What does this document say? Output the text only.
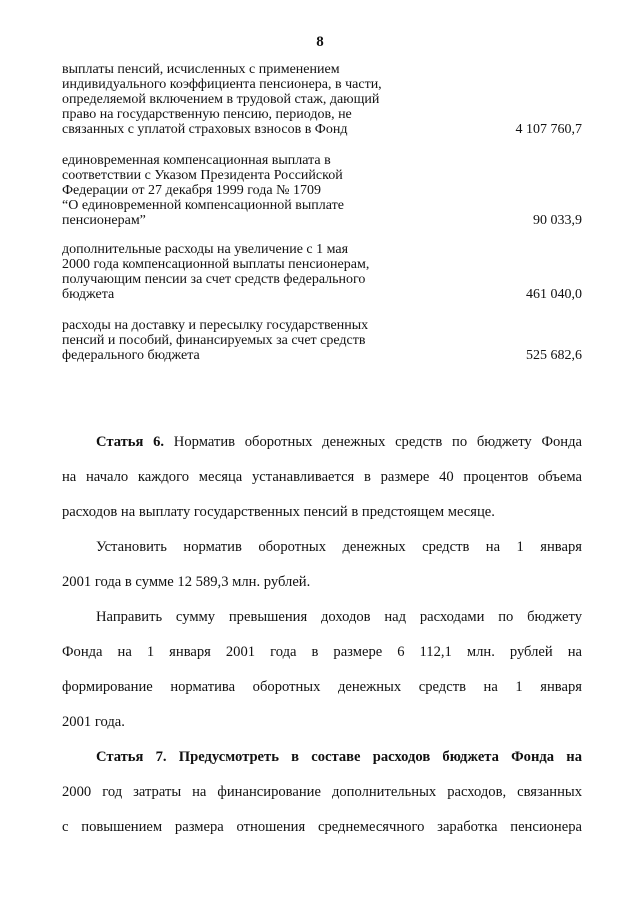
8
выплаты пенсий, исчисленных с применением
индивидуального коэффициента пенсионера, в части,
определяемой включением в трудовой стаж, дающий
право на государственную пенсию, периодов, не
связанных с уплатой страховых взносов в Фонд	4 107 760,7
единовременная компенсационная выплата в
соответствии с Указом Президента Российской
Федерации от 27 декабря 1999 года № 1709
“О единовременной компенсационной выплате
пенсионерам”	90 033,9
дополнительные расходы на увеличение с 1 мая
2000 года компенсационной выплаты пенсионерам,
получающим пенсии за счет средств федерального
бюджета	461 040,0
расходы на доставку и пересылку государственных
пенсий и пособий, финансируемых за счет средств
федерального бюджета	525 682,6
Статья 6. Норматив оборотных денежных средств по бюджету Фонда
на начало каждого месяца устанавливается в размере 40 процентов объема
расходов на выплату государственных пенсий в предстоящем месяце.
Установить норматив оборотных денежных средств на 1 января
2001 года в сумме 12 589,3 млн. рублей.
Направить сумму превышения доходов над расходами по бюджету
Фонда на 1 января 2001 года в размере 6 112,1 млн. рублей на
формирование норматива оборотных денежных средств на 1 января
2001 года.
Статья 7. Предусмотреть в составе расходов бюджета Фонда на
2000 год затраты на финансирование дополнительных расходов, связанных
с повышением размера отношения среднемесячного заработка пенсионера
